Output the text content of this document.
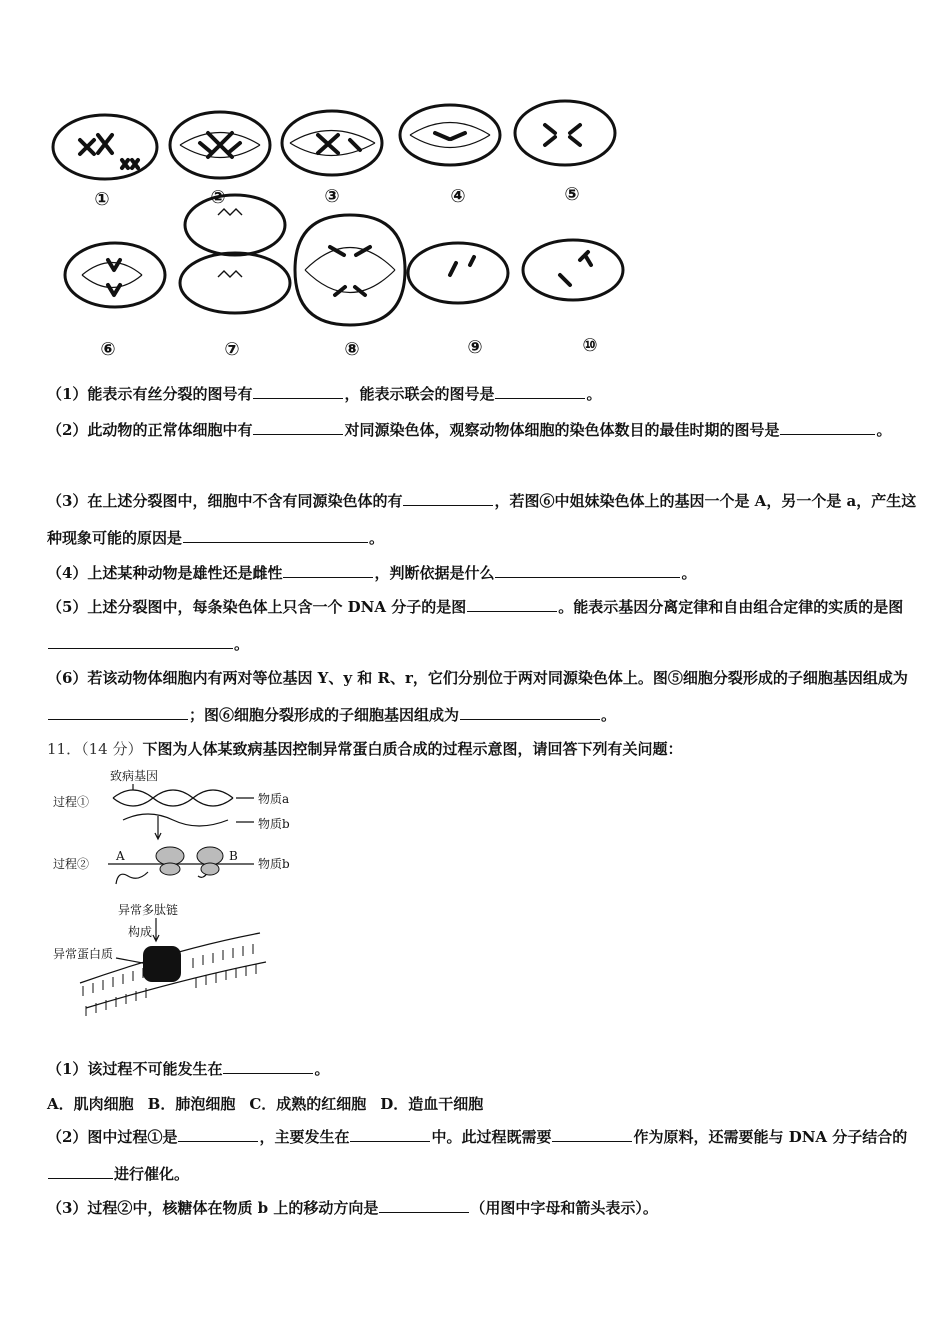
①	②	③	④	⑤
⑥	⑦	⑧	⑨	⑩
（1）能表示有丝分裂的图号有	，能表示联会的图号是	。
（2）此动物的正常体细胞中有	对同源染色体，观察动物体细胞的染色体数目的最佳时期的图号是	。
（3）在上述分裂图中，细胞中不含有同源染色体的有	，若图⑥中姐妹染色体上的基因一个是 A，另一个是 a，产生这种现象可能的原因是	。
（4）上述某种动物是雄性还是雌性	，判断依据是什么	。
（5）上述分裂图中，每条染色体上只含一个 DNA 分子的是图	。能表示基因分离定律和自由组合定律的实质的是图。
（6）若该动物体细胞内有两对等位基因 Y、y 和 R、r，它们分别位于两对同源染色体上。图⑤细胞分裂形成的子细胞基因组成为；图⑥细胞分裂形成的子细胞基因组成为	。
11．（14 分）下图为人体某致病基因控制异常蛋白质合成的过程示意图，请回答下列有关问题：
致病基因
过程①	物质a
物质b
过程②
A	B
物质b
异常多肽链
构成
异常蛋白质
（1）该过程不可能发生在	。
A．肌肉细胞 B．肺泡细胞 C．成熟的红细胞 D．造血干细胞
（2）图中过程①是	，主要发生在	中。此过程既需要	作为原料，还需要能与 DNA 分子结合的进行催化。
（3）过程②中，核糖体在物质 b 上的移动方向是	（用图中字母和箭头表示）。
